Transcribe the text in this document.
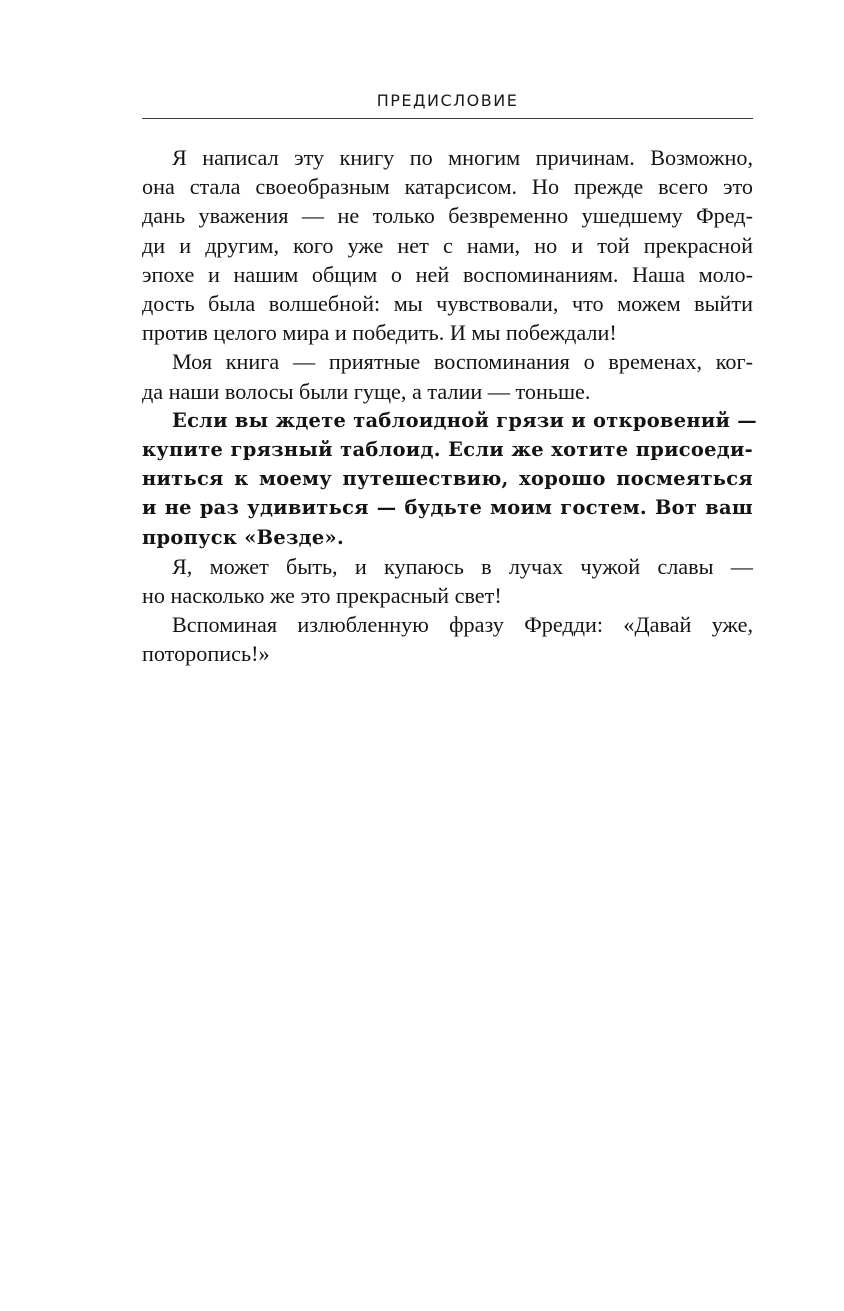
ПРЕДИСЛОВИЕ
Я написал эту книгу по многим причинам. Возможно,
она стала своеобразным катарсисом. Но прежде всего это
дань уважения — не только безвременно ушедшему Фред-
ди и другим, кого уже нет с нами, но и той прекрасной
эпохе и нашим общим о ней воспоминаниям. Наша моло-
дость была волшебной: мы чувствовали, что можем выйти
против целого мира и победить. И мы побеждали!
Моя книга — приятные воспоминания о временах, ког-
да наши волосы были гуще, а талии — тоньше.
Если вы ждете таблоидной грязи и откровений —
купите грязный таблоид. Если же хотите присоеди-
ниться к моему путешествию, хорошо посмеяться
и не раз удивиться — будьте моим гостем. Вот ваш
пропуск «Везде».
Я, может быть, и купаюсь в лучах чужой славы —
но насколько же это прекрасный свет!
Вспоминая излюбленную фразу Фредди: «Давай уже,
поторопись!»
